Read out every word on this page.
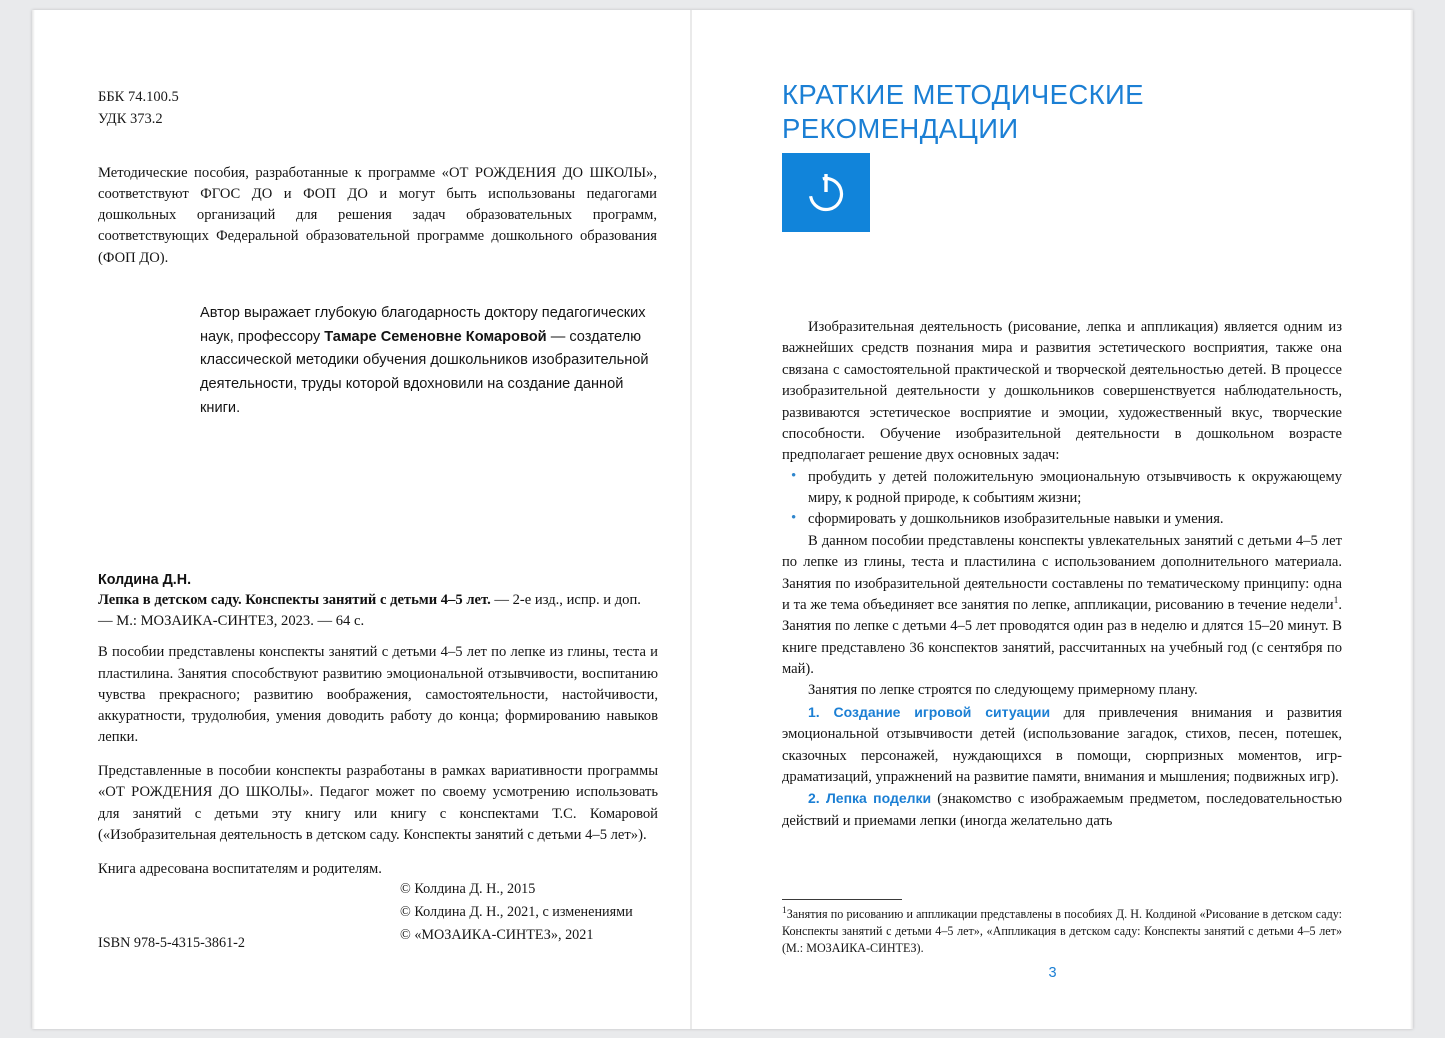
ББК 74.100.5
УДК 373.2
Методические пособия, разработанные к программе «ОТ РОЖДЕНИЯ ДО ШКОЛЫ», соответствуют ФГОС ДО и ФОП ДО и могут быть использованы педагогами дошкольных организаций для решения задач образовательных программ, соответствующих Федеральной образовательной программе дошкольного образования (ФОП ДО).
Автор выражает глубокую благодарность доктору педагогических наук, профессору Тамаре Семеновне Комаровой — создателю классической методики обучения дошкольников изобразительной деятельности, труды которой вдохновили на создание данной книги.
Колдина Д.Н.
Лепка в детском саду. Конспекты занятий с детьми 4–5 лет. — 2-е изд., испр. и доп. — М.: МОЗАИКА-СИНТЕЗ, 2023. — 64 с.
В пособии представлены конспекты занятий с детьми 4–5 лет по лепке из глины, теста и пластилина. Занятия способствуют развитию эмоциональной отзывчивости, воспитанию чувства прекрасного; развитию воображения, самостоятельности, настойчивости, аккуратности, трудолюбия, умения доводить работу до конца; формированию навыков лепки.
Представленные в пособии конспекты разработаны в рамках вариативности программы «ОТ РОЖДЕНИЯ ДО ШКОЛЫ». Педагог может по своему усмотрению использовать для занятий с детьми эту книгу или книгу с конспектами Т.С. Комаровой («Изобразительная деятельность в детском саду. Конспекты занятий с детьми 4–5 лет»).
Книга адресована воспитателям и родителям.
ISBN 978-5-4315-3861-2
© Колдина Д. Н., 2015
© Колдина Д. Н., 2021, с изменениями
© «МОЗАИКА-СИНТЕЗ», 2021
КРАТКИЕ МЕТОДИЧЕСКИЕ РЕКОМЕНДАЦИИ

Изобразительная деятельность (рисование, лепка и аппликация) является одним из важнейших средств познания мира и развития эстетического восприятия, также она связана с самостоятельной практической и творческой деятельностью детей. В процессе изобразительной деятельности у дошкольников совершенствуется наблюдательность, развиваются эстетическое восприятие и эмоции, художественный вкус, творческие способности. Обучение изобразительной деятельности в дошкольном возрасте предполагает решение двух основных задач:

• пробудить у детей положительную эмоциональную отзывчивость к окружающему миру, к родной природе, к событиям жизни;
• сформировать у дошкольников изобразительные навыки и умения.

В данном пособии представлены конспекты увлекательных занятий с детьми 4–5 лет по лепке из глины, теста и пластилина с использованием дополнительного материала. Занятия по изобразительной деятельности составлены по тематическому принципу: одна и та же тема объединяет все занятия по лепке, аппликации, рисованию в течение недели$^1$. Занятия по лепке с детьми 4–5 лет проводятся один раз в неделю и длятся 15–20 минут. В книге представлено 36 конспектов занятий, рассчитанных на учебный год (с сентября по май).

Занятия по лепке строятся по следующему примерному плану.

1. Создание игровой ситуации для привлечения внимания и развития эмоциональной отзывчивости детей (использование загадок, стихов, песен, потешек, сказочных персонажей, нуждающихся в помощи, сюрпризных моментов, игр-драматизаций, упражнений на развитие памяти, внимания и мышления; подвижных игр).

2. Лепка поделки (знакомство с изображаемым предметом, последовательностью действий и приемами лепки (иногда желательно дать

$^1$Занятия по рисованию и аппликации представлены в пособиях Д. Н. Колдиной «Рисование в детском саду: Конспекты занятий с детьми 4–5 лет», «Аппликация в детском саду: Конспекты занятий с детьми 4–5 лет» (М.: МОЗАИКА-СИНТЕЗ).
3
